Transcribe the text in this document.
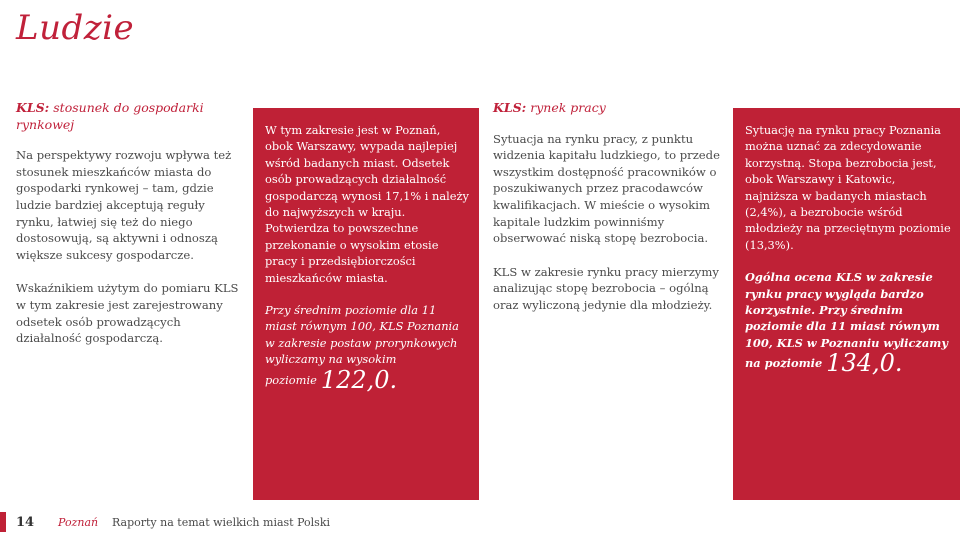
Ludzie
KLS: stosunek do gospodarki rynkowej

Na perspektywy rozwoju wpływa też stosunek mieszkańców miasta do gospodarki rynkowej – tam, gdzie ludzie bardziej akceptują reguły rynku, łatwiej się też do niego dostosowują, są aktywni i odnoszą większe sukcesy gospodarcze.

Wskaźnikiem użytym do pomiaru KLS w tym zakresie jest zarejestrowany odsetek osób prowadzących działalność gospodarczą.

W tym zakresie jest w Poznań, obok Warszawy, wypada najlepiej wśród badanych miast. Odsetek osób prowadzących działalność gospodarczą wynosi 17,1% i należy do najwyższych w kraju. Potwierdza to powszechne przekonanie o wysokim etosie pracy i przedsiębiorczości mieszkańców miasta.

Przy średnim poziomie dla 11 miast równym 100, KLS Poznania w zakresie postaw prorynkowych wyliczamy na wysokim poziomie 122,0.

KLS: rynek pracy

Sytuacja na rynku pracy, z punktu widzenia kapitału ludzkiego, to przede wszystkim dostępność pracowników o poszukiwanych przez pracodawców kwalifikacjach. W mieście o wysokim kapitale ludzkim powinniśmy obserwować niską stopę bezrobocia.

KLS w zakresie rynku pracy mierzymy analizując stopę bezrobocia – ogólną oraz wyliczoną jedynie dla młodzieży.

Sytuację na rynku pracy Poznania można uznać za zdecydowanie korzystną. Stopa bezrobocia jest, obok Warszawy i Katowic, najniższa w badanych miastach (2,4%), a bezrobocie wśród młodzieży na przeciętnym poziomie (13,3%).

Ogólna ocena KLS w zakresie rynku pracy wygląda bardzo korzystnie. Przy średnim poziomie dla 11 miast równym 100, KLS w Poznaniu wyliczamy na poziomie 134,0.

14 Poznań Raporty na temat wielkich miast Polski
